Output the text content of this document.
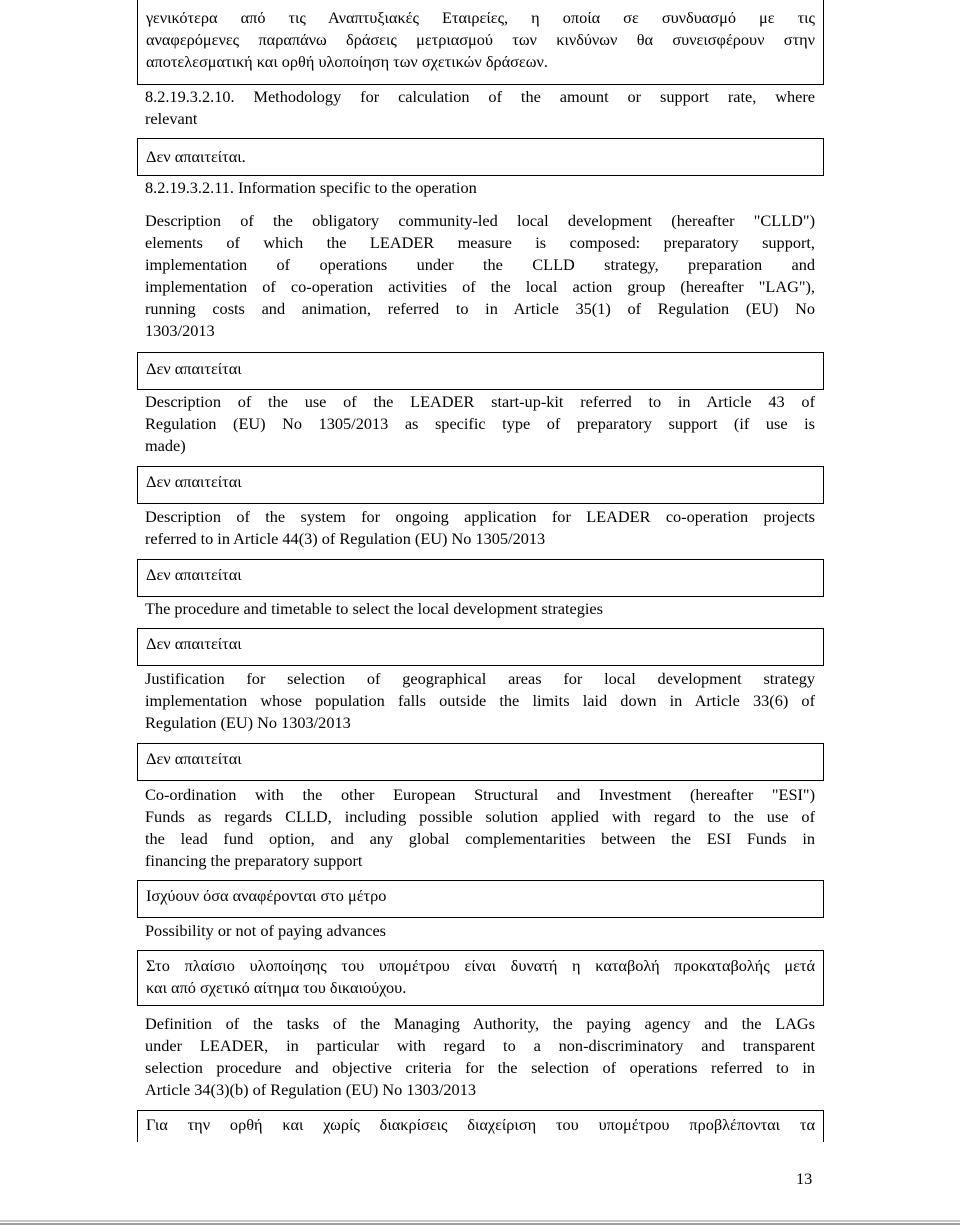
γενικότερα από τις Αναπτυξιακές Εταιρείες, η οποία σε συνδυασμό με τις
αναφερόμενες παραπάνω δράσεις μετριασμού των κινδύνων θα συνεισφέρουν στην
αποτελεσματική και ορθή υλοποίηση των σχετικών δράσεων.
8.2.19.3.2.10. Methodology for calculation of the amount or support rate, where
relevant
Δεν απαιτείται.
8.2.19.3.2.11. Information specific to the operation
Description of the obligatory community-led local development (hereafter "CLLD")
elements of which the LEADER measure is composed: preparatory support,
implementation of operations under the CLLD strategy, preparation and
implementation of co-operation activities of the local action group (hereafter "LAG"),
running costs and animation, referred to in Article 35(1) of Regulation (EU) No
1303/2013
Δεν απαιτείται
Description of the use of the LEADER start-up-kit referred to in Article 43 of
Regulation (EU) No 1305/2013 as specific type of preparatory support (if use is
made)
Δεν απαιτείται
Description of the system for ongoing application for LEADER co-operation projects
referred to in Article 44(3) of Regulation (EU) No 1305/2013
Δεν απαιτείται
The procedure and timetable to select the local development strategies
Δεν απαιτείται
Justification for selection of geographical areas for local development strategy
implementation whose population falls outside the limits laid down in Article 33(6) of
Regulation (EU) No 1303/2013
Δεν απαιτείται
Co-ordination with the other European Structural and Investment (hereafter "ESI")
Funds as regards CLLD, including possible solution applied with regard to the use of
the lead fund option, and any global complementarities between the ESI Funds in
financing the preparatory support
Ισχύουν όσα αναφέρονται στο μέτρο
Possibility or not of paying advances
Στο πλαίσιο υλοποίησης του υπομέτρου είναι δυνατή η καταβολή προκαταβολής μετά
και από σχετικό αίτημα του δικαιούχου.
Definition of the tasks of the Managing Authority, the paying agency and the LAGs
under LEADER, in particular with regard to a non-discriminatory and transparent
selection procedure and objective criteria for the selection of operations referred to in
Article 34(3)(b) of Regulation (EU) No 1303/2013
Για την ορθή και χωρίς διακρίσεις διαχείριση του υπομέτρου προβλέπονται τα
13
